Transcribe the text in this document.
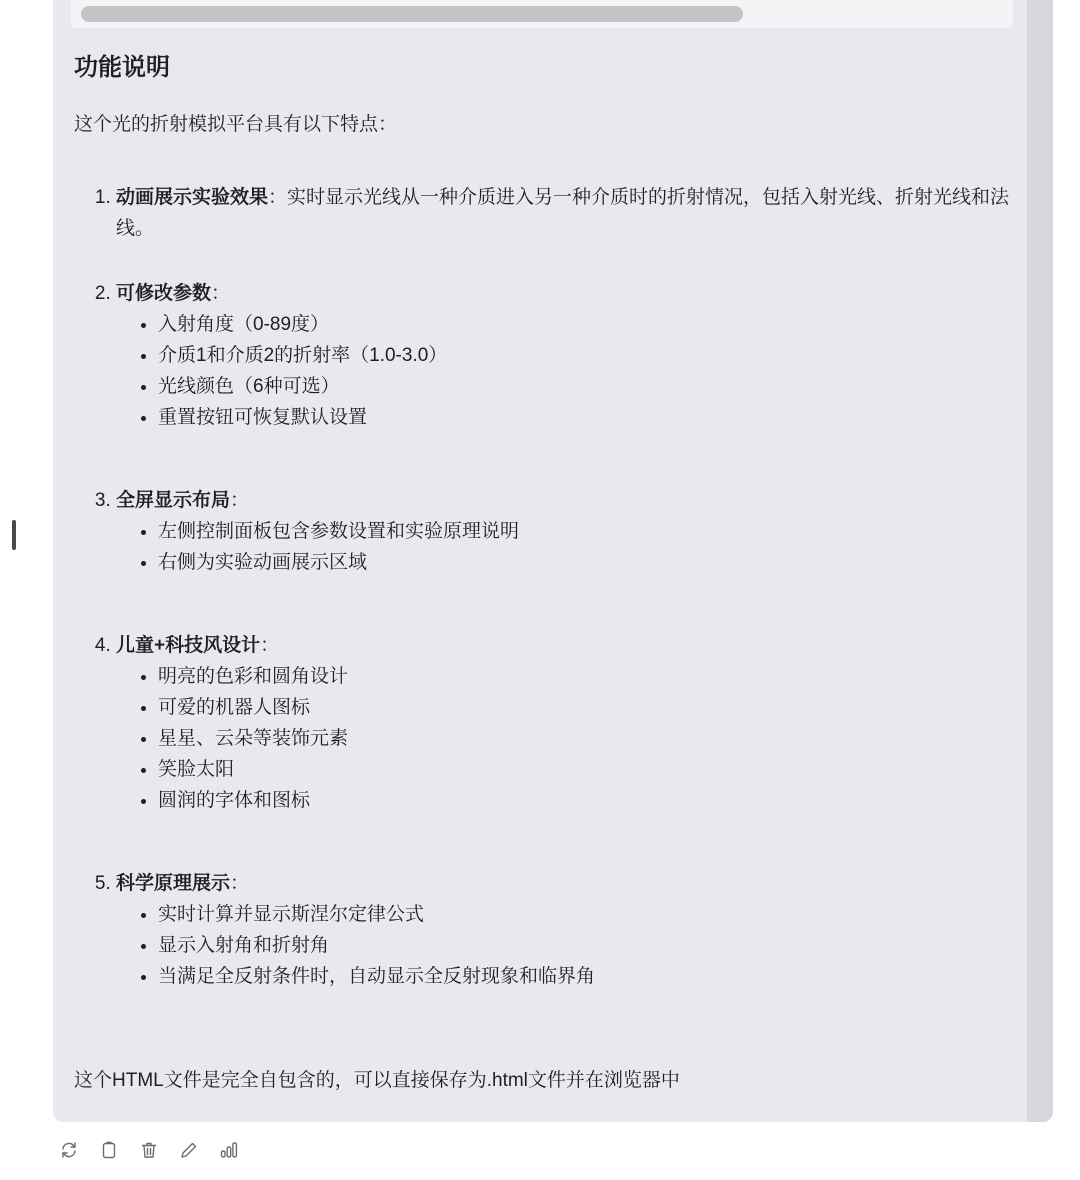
功能说明

这个光的折射模拟平台具有以下特点：

1. 动画展示实验效果：实时显示光线从一种介质进入另一种介质时的折射情况，包括入射光线、折射光线和法线。
2. 可修改参数：
• 入射角度（0-89度）
• 介质1和介质2的折射率（1.0-3.0）
• 光线颜色（6种可选）
• 重置按钮可恢复默认设置
3. 全屏显示布局：
• 左侧控制面板包含参数设置和实验原理说明
• 右侧为实验动画展示区域
4. 儿童+科技风设计：
• 明亮的色彩和圆角设计
• 可爱的机器人图标
• 星星、云朵等装饰元素
• 笑脸太阳
• 圆润的字体和图标
5. 科学原理展示：
• 实时计算并显示斯涅尔定律公式
• 显示入射角和折射角
• 当满足全反射条件时，自动显示全反射现象和临界角

这个HTML文件是完全自包含的，可以直接保存为.html文件并在浏览器中
